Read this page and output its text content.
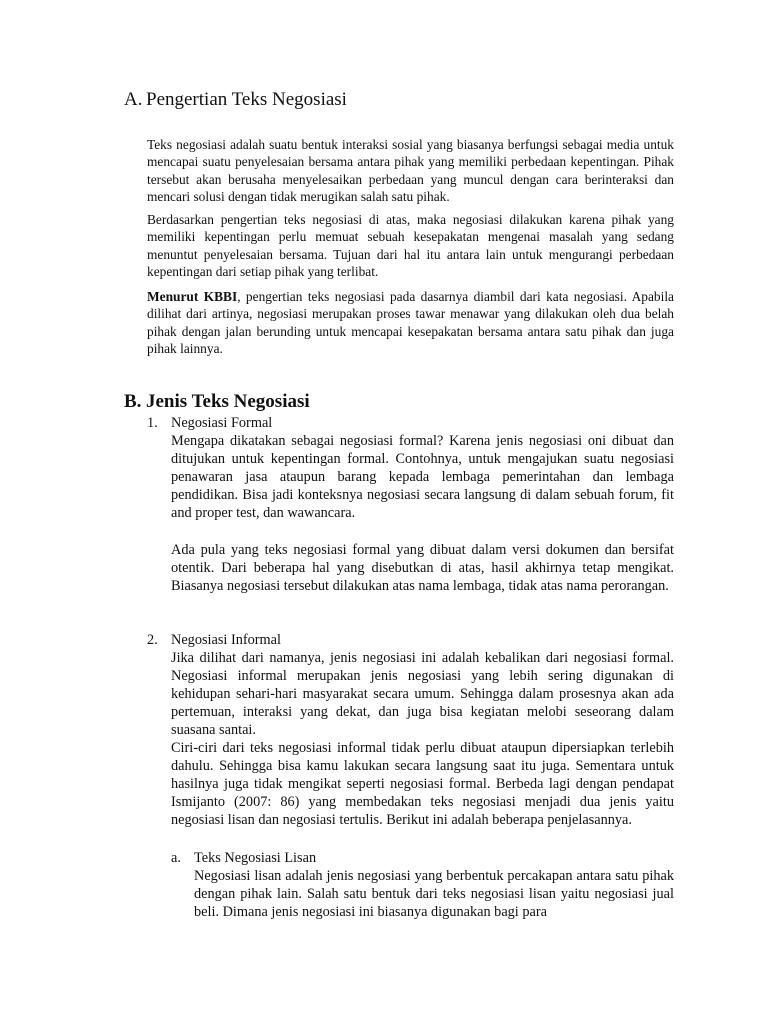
A. Pengertian Teks Negosiasi

Teks negosiasi adalah suatu bentuk interaksi sosial yang biasanya berfungsi sebagai media untuk mencapai suatu penyelesaian bersama antara pihak yang memiliki perbedaan kepentingan. Pihak tersebut akan berusaha menyelesaikan perbedaan yang muncul dengan cara berinteraksi dan mencari solusi dengan tidak merugikan salah satu pihak.

Berdasarkan pengertian teks negosiasi di atas, maka negosiasi dilakukan karena pihak yang memiliki kepentingan perlu memuat sebuah kesepakatan mengenai masalah yang sedang menuntut penyelesaian bersama. Tujuan dari hal itu antara lain untuk mengurangi perbedaan kepentingan dari setiap pihak yang terlibat.

Menurut KBBI, pengertian teks negosiasi pada dasarnya diambil dari kata negosiasi. Apabila dilihat dari artinya, negosiasi merupakan proses tawar menawar yang dilakukan oleh dua belah pihak dengan jalan berunding untuk mencapai kesepakatan bersama antara satu pihak dan juga pihak lainnya.

B. Jenis Teks Negosiasi
1. Negosiasi Formal

Mengapa dikatakan sebagai negosiasi formal? Karena jenis negosiasi oni dibuat dan ditujukan untuk kepentingan formal. Contohnya, untuk mengajukan suatu negosiasi penawaran jasa ataupun barang kepada lembaga pemerintahan dan lembaga pendidikan. Bisa jadi konteksnya negosiasi secara langsung di dalam sebuah forum, fit and proper test, dan wawancara.

Ada pula yang teks negosiasi formal yang dibuat dalam versi dokumen dan bersifat otentik. Dari beberapa hal yang disebutkan di atas, hasil akhirnya tetap mengikat. Biasanya negosiasi tersebut dilakukan atas nama lembaga, tidak atas nama perorangan.

2. Negosiasi Informal

Jika dilihat dari namanya, jenis negosiasi ini adalah kebalikan dari negosiasi formal. Negosiasi informal merupakan jenis negosiasi yang lebih sering digunakan di kehidupan sehari-hari masyarakat secara umum. Sehingga dalam prosesnya akan ada pertemuan, interaksi yang dekat, dan juga bisa kegiatan melobi seseorang dalam suasana santai.

Ciri-ciri dari teks negosiasi informal tidak perlu dibuat ataupun dipersiapkan terlebih dahulu. Sehingga bisa kamu lakukan secara langsung saat itu juga. Sementara untuk hasilnya juga tidak mengikat seperti negosiasi formal. Berbeda lagi dengan pendapat Ismijanto (2007: 86) yang membedakan teks negosiasi menjadi dua jenis yaitu negosiasi lisan dan negosiasi tertulis. Berikut ini adalah beberapa penjelasannya.

a. Teks Negosiasi Lisan

Negosiasi lisan adalah jenis negosiasi yang berbentuk percakapan antara satu pihak dengan pihak lain. Salah satu bentuk dari teks negosiasi lisan yaitu negosiasi jual beli. Dimana jenis negosiasi ini biasanya digunakan bagi para
